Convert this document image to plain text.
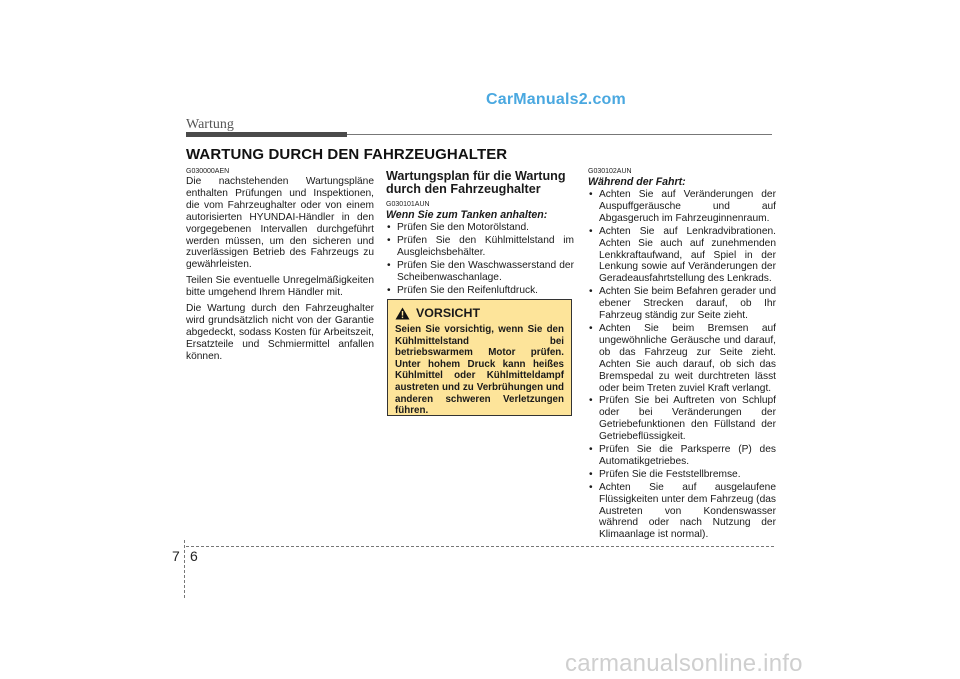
CarManuals2.com
Wartung
WARTUNG DURCH DEN FAHRZEUGHALTER
G030000AEN

Die nachstehenden Wartungspläne enthalten Prüfungen und Inspektionen, die vom Fahrzeughalter oder von einem autorisierten HYUNDAI-Händler in den vorgegebenen Intervallen durchgeführt werden müssen, um den sicheren und zuverlässigen Betrieb des Fahrzeugs zu gewährleisten.

Teilen Sie eventuelle Unregelmäßigkeiten bitte umgehend Ihrem Händler mit.

Die Wartung durch den Fahrzeughalter wird grundsätzlich nicht von der Garantie abgedeckt, sodass Kosten für Arbeitszeit, Ersatzteile und Schmiermittel anfallen können.

Wartungsplan für die Wartung durch den Fahrzeughalter
G030101AUN
Wenn Sie zum Tanken anhalten:
• Prüfen Sie den Motorölstand.
• Prüfen Sie den Kühlmittelstand im Ausgleichsbehälter.
• Prüfen Sie den Waschwasserstand der Scheibenwaschanlage.
• Prüfen Sie den Reifenluftdruck.
VORSICHT
Seien Sie vorsichtig, wenn Sie den Kühlmittelstand bei betriebswarmem Motor prüfen. Unter hohem Druck kann heißes Kühlmittel oder Kühlmitteldampf austreten und zu Verbrühungen und anderen schweren Verletzungen führen.
G030102AUN
Während der Fahrt:
• Achten Sie auf Veränderungen der Auspuffgeräusche und auf Abgasgeruch im Fahrzeuginnenraum.
• Achten Sie auf Lenkradvibrationen. Achten Sie auch auf zunehmenden Lenkkraftaufwand, auf Spiel in der Lenkung sowie auf Veränderungen der Geradeausfahrtstellung des Lenkrads.
• Achten Sie beim Befahren gerader und ebener Strecken darauf, ob Ihr Fahrzeug ständig zur Seite zieht.
• Achten Sie beim Bremsen auf ungewöhnliche Geräusche und darauf, ob das Fahrzeug zur Seite zieht. Achten Sie auch darauf, ob sich das Bremspedal zu weit durchtreten lässt oder beim Treten zuviel Kraft verlangt.
• Prüfen Sie bei Auftreten von Schlupf oder bei Veränderungen der Getriebefunktionen den Füllstand der Getriebeflüssigkeit.
• Prüfen Sie die Parksperre (P) des Automatikgetriebes.
• Prüfen Sie die Feststellbremse.
• Achten Sie auf ausgelaufene Flüssigkeiten unter dem Fahrzeug (das Austreten von Kondenswasser während oder nach Nutzung der Klimaanlage ist normal).
7 6
carmanualsonline.info
